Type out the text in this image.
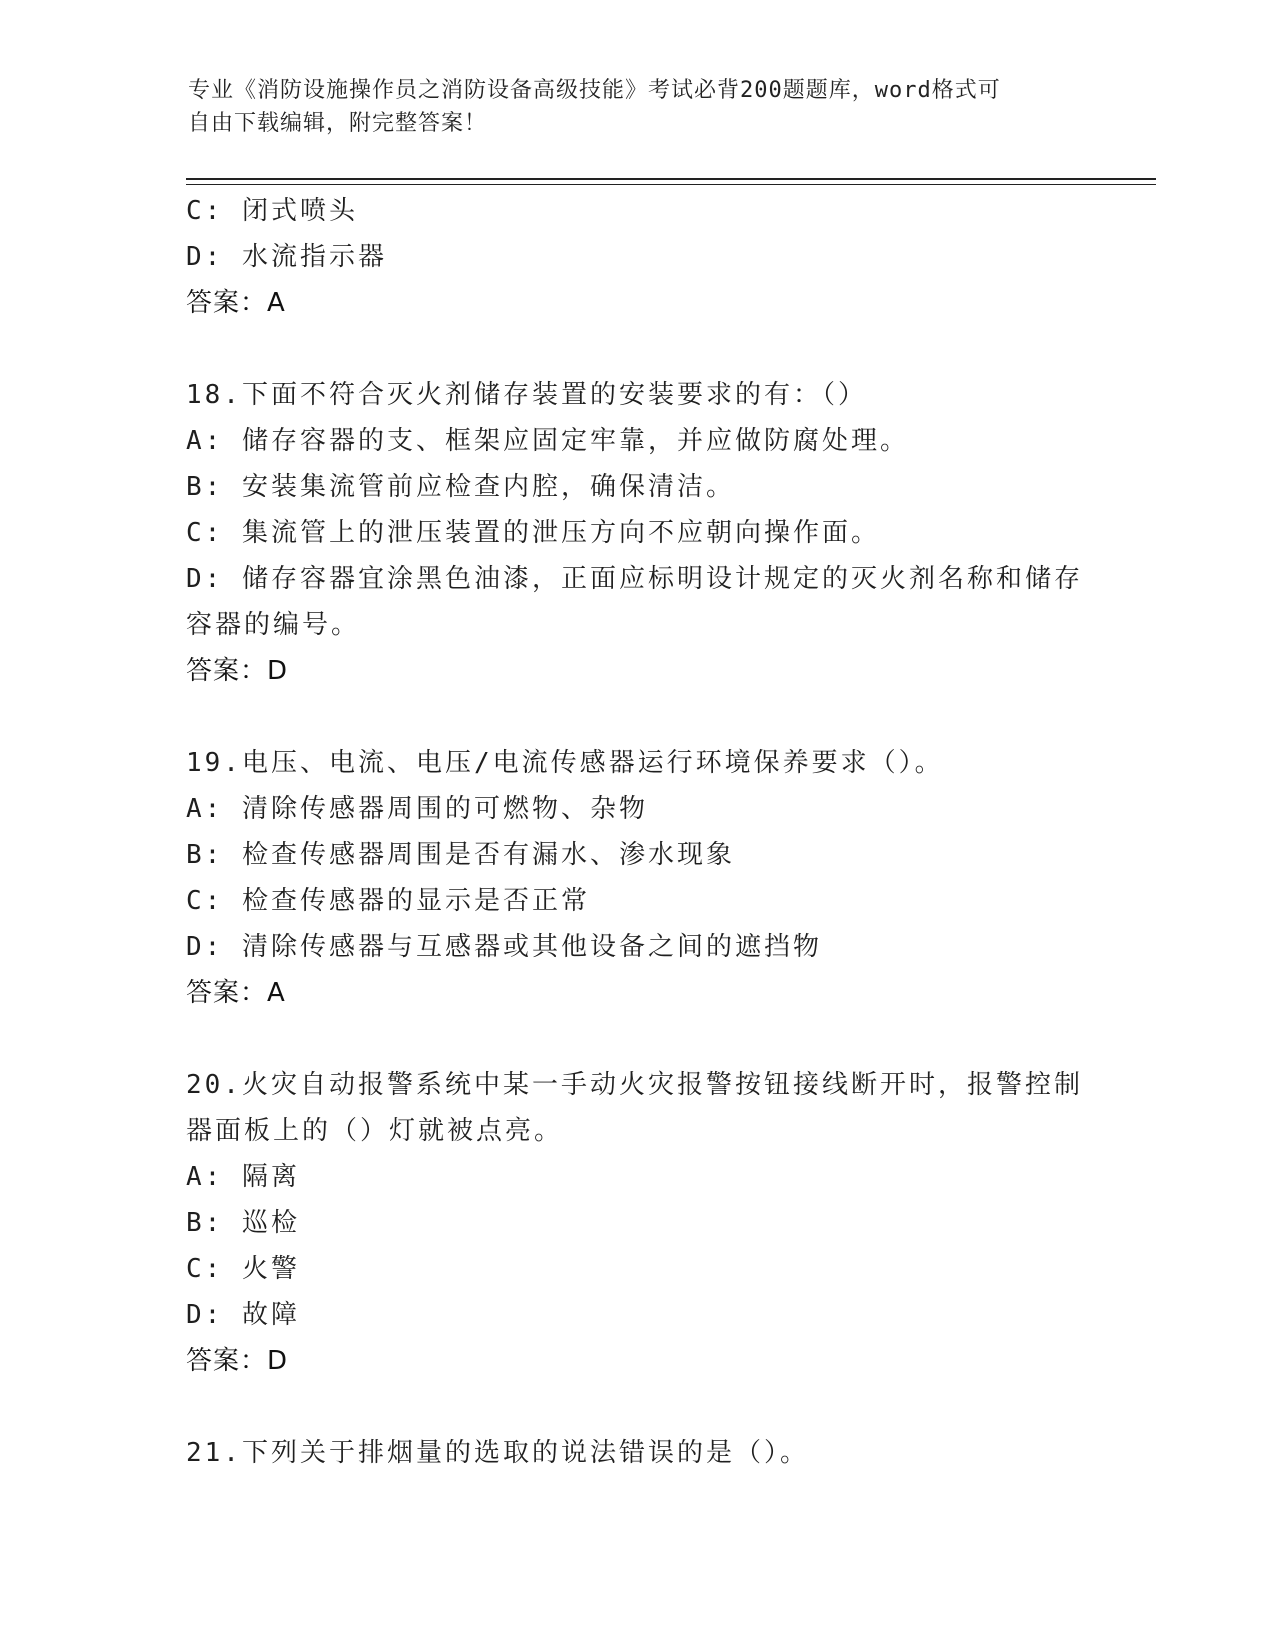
专业《消防设施操作员之消防设备高级技能》考试必背200题题库，word格式可
自由下载编辑，附完整答案！
C: 闭式喷头
D: 水流指示器
答案：A
18.下面不符合灭火剂储存装置的安装要求的有：（）
A: 储存容器的支、框架应固定牢靠，并应做防腐处理。
B: 安装集流管前应检查内腔，确保清洁。
C: 集流管上的泄压装置的泄压方向不应朝向操作面。
D: 储存容器宜涂黑色油漆，正面应标明设计规定的灭火剂名称和储存
容器的编号。
答案：D
19.电压、电流、电压/电流传感器运行环境保养要求（）。
A: 清除传感器周围的可燃物、杂物
B: 检查传感器周围是否有漏水、渗水现象
C: 检查传感器的显示是否正常
D: 清除传感器与互感器或其他设备之间的遮挡物
答案：A
20.火灾自动报警系统中某一手动火灾报警按钮接线断开时，报警控制
器面板上的（）灯就被点亮。
A: 隔离
B: 巡检
C: 火警
D: 故障
答案：D
21.下列关于排烟量的选取的说法错误的是（）。
